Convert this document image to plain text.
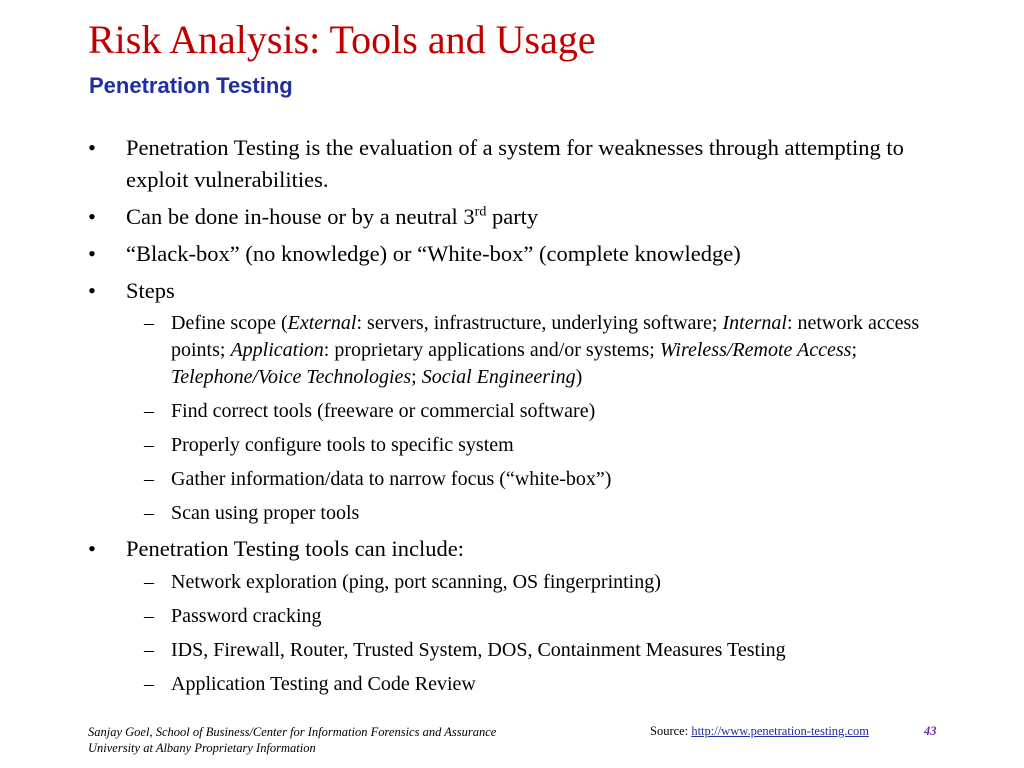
Risk Analysis: Tools and Usage
Penetration Testing
• Penetration Testing is the evaluation of a system for weaknesses through attempting to exploit vulnerabilities.
• Can be done in-house or by a neutral 3rd party
• “Black-box” (no knowledge) or “White-box” (complete knowledge)
• Steps
– Define scope (External: servers, infrastructure, underlying software; Internal: network access points; Application: proprietary applications and/or systems; Wireless/Remote Access; Telephone/Voice Technologies; Social Engineering)
– Find correct tools (freeware or commercial software)
– Properly configure tools to specific system
– Gather information/data to narrow focus (“white-box”)
– Scan using proper tools
• Penetration Testing tools can include:
– Network exploration (ping, port scanning, OS fingerprinting)
– Password cracking
– IDS, Firewall, Router, Trusted System, DOS, Containment Measures Testing
– Application Testing and Code Review
Sanjay Goel, School of Business/Center for Information Forensics and Assurance
University at Albany Proprietary Information
Source: http://www.penetration-testing.com	43
